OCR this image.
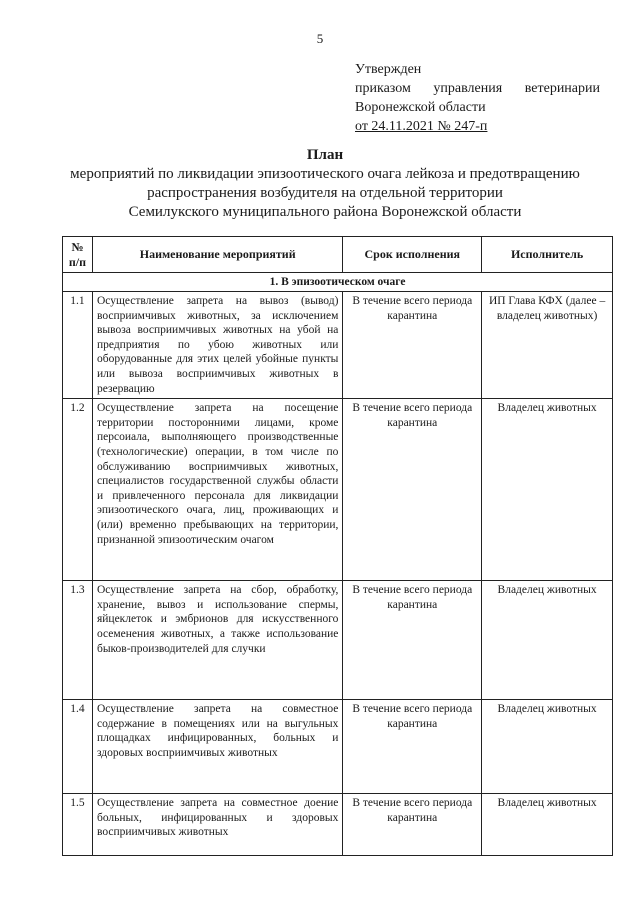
5
Утвержден
приказом управления ветеринарии
Воронежской области
от 24.11.2021 № 247-п
План
мероприятий по ликвидации эпизоотического очага лейкоза и предотвращению
распространения возбудителя на отдельной территории
Семилукского муниципального района Воронежской области
№ п/п	Наименование мероприятий	Срок исполнения	Исполнитель
1. В эпизоотическом очаге			
1.1	Осуществление запрета на вывоз (вывод) восприимчивых животных, за исключением вывоза восприимчивых животных на убой на предприятия по убою животных или оборудованные для этих целей убойные пункты или вывоза восприимчивых животных в резервацию	В течение всего периода карантина	ИП Глава КФХ (далее – владелец животных)
1.2	Осуществление запрета на посещение территории посторонними лицами, кроме персоиала, выполняющего производственные (технологические) операции, в том числе по обслуживанию восприимчивых животных, специалистов государственной службы области и привлеченного персонала для ликвидации эпизоотического очага, лиц, проживающих и (или) временно пребывающих на территории, признанной эпизоотическим очагом	В течение всего периода карантина	Владелец животных
1.3	Осуществление запрета на сбор, обработку, хранение, вывоз и использование спермы, яйцеклеток и эмбрионов для искусственного осеменения животных, а также использование быков-производителей для случки	В течение всего периода карантина	Владелец животных
1.4	Осуществление запрета на совместное содержание в помещениях или на выгульных площадках инфицированных, больных и здоровых восприимчивых животных	В течение всего периода карантина	Владелец животных
1.5	Осуществление запрета на совместное доение больных, инфицированных и здоровых восприимчивых животных	В течение всего периода карантина	Владелец животных
